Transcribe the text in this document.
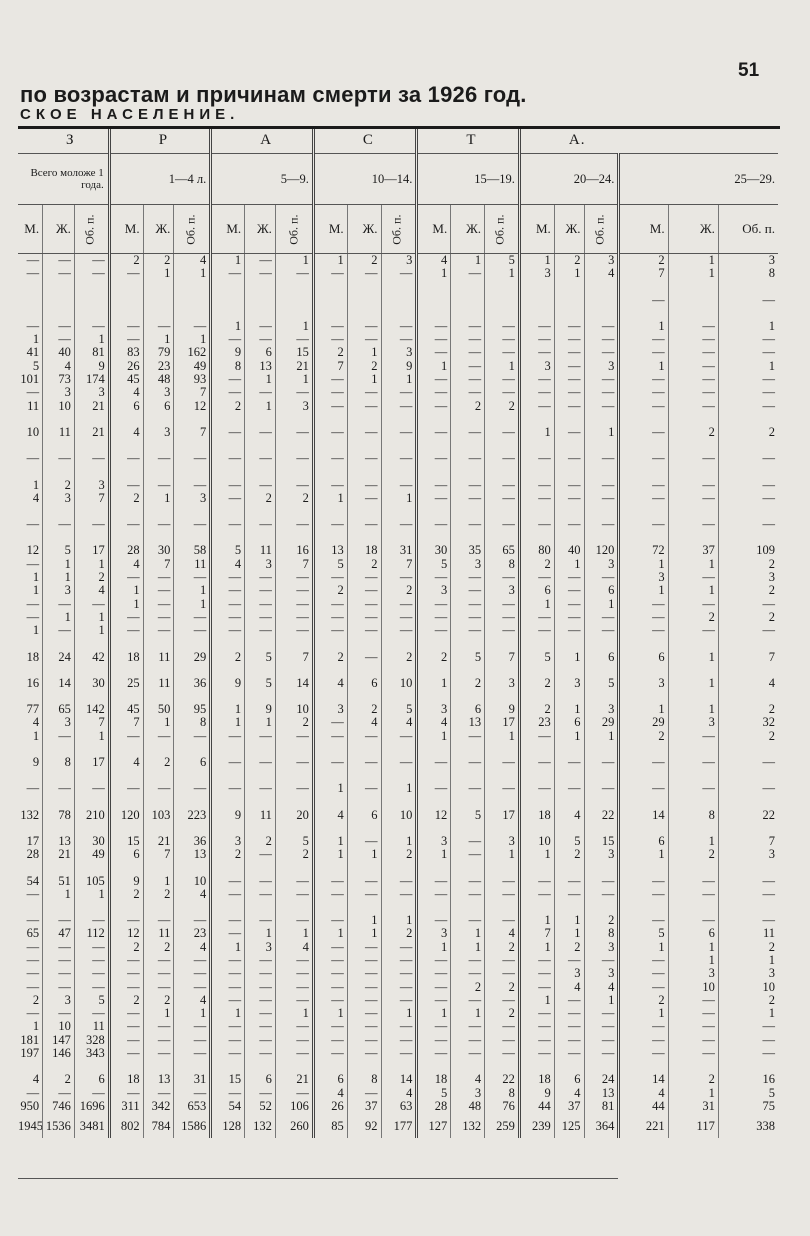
51
по возрастам и причинам смерти за 1926 год.
СКОЕ НАСЕЛЕНИЕ.
З			Р			А			С			Т			А.					
Всего моложе 1 года.			1—4 л.			5—9.			10—14.			15—19.			20—24.			25—29.		
М.	Ж.	Об. п.	М.	Ж.	Об. п.	М.	Ж.	Об. п.	М.	Ж.	Об. п.	М.	Ж.	Об. п.	М.	Ж.	Об. п.	М.	Ж.	Об. п.
—	—	—	2	2	4	1	—	1	1	2	3	4	1	5	1	2	3	2	1	3
—	—	—	—	1	1	—	—	—	—	—	—	1	—	1	3	1	4	7	1	8

																		—		—

—	—	—	—	—	—	1	—	1	—	—	—	—	—	—	—	—	—	1	—	1
1	—	1	—	1	1	—	—	—	—	—	—	—	—	—	—	—	—	—	—	—
41	40	81	83	79	162	9	6	15	2	1	3	—	—	—	—	—	—	—	—	—
5	4	9	26	23	49	8	13	21	7	2	9	1	—	1	3	—	3	1	—	1
101	73	174	45	48	93	—	1	1	—	1	1	—	—	—	—	—	—	—	—	—
—	3	3	4	3	7	—	—	—	—	—	—	—	—	—	—	—	—	—	—	—
11	10	21	6	6	12	2	1	3	—	—	—	—	2	2	—	—	—	—	—	—

10	11	21	4	3	7	—	—	—	—	—	—	—	—	—	1	—	1	—	2	2

—	—	—	—	—	—	—	—	—	—	—	—	—	—	—	—	—	—	—	—	—

1	2	3	—	—	—	—	—	—	—	—	—	—	—	—	—	—	—	—	—	—
4	3	7	2	1	3	—	2	2	1	—	1	—	—	—	—	—	—	—	—	—

—	—	—	—	—	—	—	—	—	—	—	—	—	—	—	—	—	—	—	—	—

12	5	17	28	30	58	5	11	16	13	18	31	30	35	65	80	40	120	72	37	109
—	1	1	4	7	11	4	3	7	5	2	7	5	3	8	2	1	3	1	1	2
1	1	2	—	—	—	—	—	—	—	—	—	—	—	—	—	—	—	3	—	3
1	3	4	1	—	1	—	—	—	2	—	2	3	—	3	6	—	6	1	1	2
—	—	—	1	—	1	—	—	—	—	—	—	—	—	—	1	—	1	—	—	—
—	1	1	—	—	—	—	—	—	—	—	—	—	—	—	—	—	—	—	2	2
1	—	1	—	—	—	—	—	—	—	—	—	—	—	—	—	—	—	—	—	—

18	24	42	18	11	29	2	5	7	2	—	2	2	5	7	5	1	6	6	1	7

16	14	30	25	11	36	9	5	14	4	6	10	1	2	3	2	3	5	3	1	4

77	65	142	45	50	95	1	9	10	3	2	5	3	6	9	2	1	3	1	1	2
4	3	7	7	1	8	1	1	2	—	4	4	4	13	17	23	6	29	29	3	32
1	—	1	—	—	—	—	—	—	—	—	—	1	—	1	—	1	1	2	—	2

9	8	17	4	2	6	—	—	—	—	—	—	—	—	—	—	—	—	—	—	—

—	—	—	—	—	—	—	—	—	1	—	1	—	—	—	—	—	—	—	—	—

132	78	210	120	103	223	9	11	20	4	6	10	12	5	17	18	4	22	14	8	22

17	13	30	15	21	36	3	2	5	1	—	1	3	—	3	10	5	15	6	1	7
28	21	49	6	7	13	2	—	2	1	1	2	1	—	1	1	2	3	1	2	3

54	51	105	9	1	10	—	—	—	—	—	—	—	—	—	—	—	—	—	—	—
—	1	1	2	2	4	—	—	—	—	—	—	—	—	—	—	—	—	—	—	—

—	—	—	—	—	—	—	—	—	—	1	1	—	—	—	1	1	2	—	—	—
65	47	112	12	11	23	—	1	1	1	1	2	3	1	4	7	1	8	5	6	11
—	—	—	2	2	4	1	3	4	—	—	—	1	1	2	1	2	3	1	1	2
—	—	—	—	—	—	—	—	—	—	—	—	—	—	—	—	—	—	—	1	1
—	—	—	—	—	—	—	—	—	—	—	—	—	—	—	—	3	3	—	3	3
—	—	—	—	—	—	—	—	—	—	—	—	—	2	2	—	4	4	—	10	10
2	3	5	2	2	4	—	—	—	—	—	—	—	—	—	1	—	1	2	—	2
—	—	—	—	1	1	1	—	1	1	—	1	1	1	2	—	—	—	1	—	1
1	10	11	—	—	—	—	—	—	—	—	—	—	—	—	—	—	—	—	—	—
181	147	328	—	—	—	—	—	—	—	—	—	—	—	—	—	—	—	—	—	—
197	146	343	—	—	—	—	—	—	—	—	—	—	—	—	—	—	—	—	—	—

4	2	6	18	13	31	15	6	21	6	8	14	18	4	22	18	6	24	14	2	16
—	—	—	—	—	—	—	—	—	4	—	4	5	3	8	9	4	13	4	1	5
950	746	1696	311	342	653	54	52	106	26	37	63	28	48	76	44	37	81	44	31	75
1945	1536	3481	802	784	1586	128	132	260	85	92	177	127	132	259	239	125	364	221	117	338
